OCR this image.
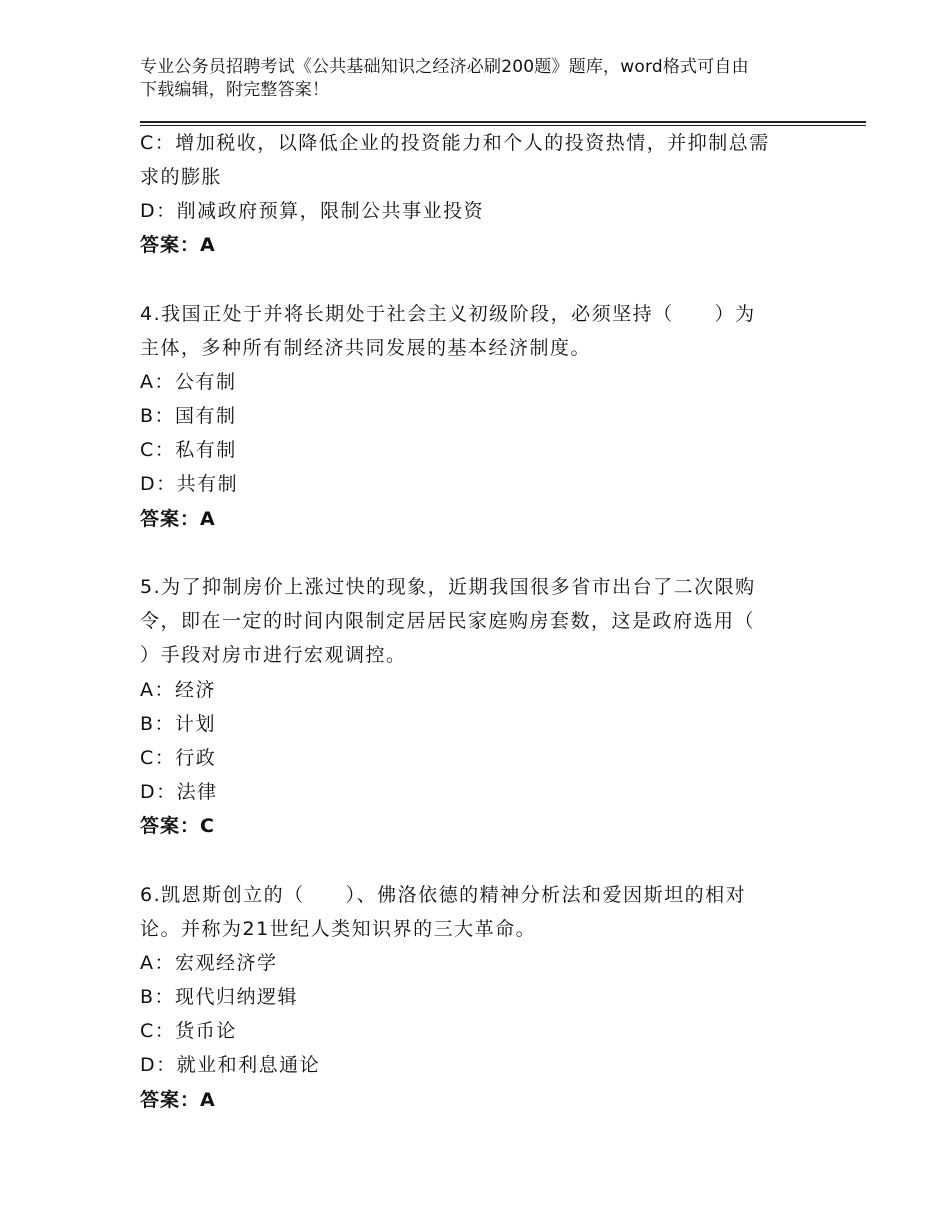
专业公务员招聘考试《公共基础知识之经济必刷200题》题库，word格式可自由
下载编辑，附完整答案！
C：增加税收，以降低企业的投资能力和个人的投资热情，并抑制总需
求的膨胀
D：削减政府预算，限制公共事业投资
答案：A
4.我国正处于并将长期处于社会主义初级阶段，必须坚持（　　）为
主体，多种所有制经济共同发展的基本经济制度。
A：公有制
B：国有制
C：私有制
D：共有制
答案：A
5.为了抑制房价上涨过快的现象，近期我国很多省市出台了二次限购
令，即在一定的时间内限制定居居民家庭购房套数，这是政府选用（
）手段对房市进行宏观调控。
A：经济
B：计划
C：行政
D：法律
答案：C
6.凯恩斯创立的（　　）、佛洛依德的精神分析法和爱因斯坦的相对
论。并称为21世纪人类知识界的三大革命。
A：宏观经济学
B：现代归纳逻辑
C：货币论
D：就业和利息通论
答案：A
